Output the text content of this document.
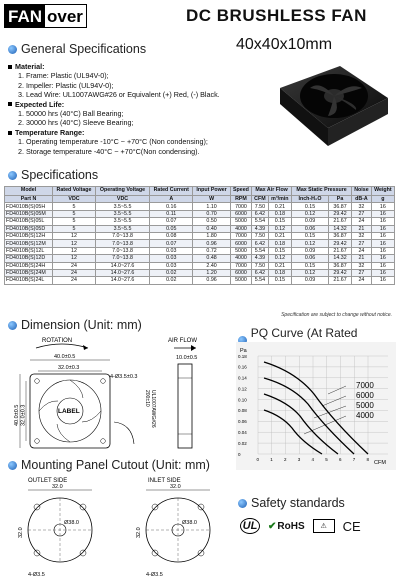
FAN over	DC BRUSHLESS FAN
40x40x10mm
General Specifications
Material:
1. Frame: Plastic (UL94V-0);
2. Impeller: Plastic (UL94V-0);
3. Lead Wire: UL1007AWG#26 or Equivalent (+) Red, (-) Black.
Expected Life:
1. 50000 hrs (40°C) Ball Bearing;
2. 30000 hrs (40°C) Sleeve Bearing;
Temperature Range:
1. Operating temperature -10°C ~ +70°C (Non condensing);
2. Storage temperature -40°C ~ +70°C(Non condensing).
Specifications
Model	Rated Voltage	Operating Voltage	Rated Current	Input Power	Speed	Max Air Flow		Max Static Pressure		Noise	Weight
Part N	VDC	VDC	A	W	RPM	CFM	m³/min	Inch-H₂O	Pa	dB-A	g
FD4010B(S)05H	5	3.5~5.5	0.16	1.10	7000	7.50	0.21	0.15	36.87	32	16
FD4010B(S)05M	5	3.5~5.5	0.11	0.70	6000	6.42	0.18	0.12	29.42	27	16
FD4010B(S)05L	5	3.5~5.5	0.07	0.50	5000	5.54	0.15	0.09	21.67	24	16
FD4010B(S)05D	5	3.5~5.5	0.05	0.40	4000	4.39	0.12	0.06	14.32	21	16
FD4010B(S)12H	12	7.0~13.8	0.08	1.80	7000	7.50	0.21	0.15	36.87	32	16
FD4010B(S)12M	12	7.0~13.8	0.07	0.96	6000	6.42	0.18	0.12	29.42	27	16
FD4010B(S)12L	12	7.0~13.8	0.03	0.72	5000	5.54	0.15	0.09	21.67	24	16
FD4010B(S)12D	12	7.0~13.8	0.03	0.48	4000	4.39	0.12	0.06	14.32	21	16
FD4010B(S)24H	24	14.0~27.6	0.03	2.40	7000	7.50	0.21	0.15	36.87	32	16
FD4010B(S)24M	24	14.0~27.6	0.02	1.20	6000	6.42	0.18	0.12	29.42	27	16
FD4010B(S)24L	24	14.0~27.6	0.02	0.96	5000	5.54	0.15	0.09	21.67	24	16
Specification are subject to change without notice.
Dimension (Unit: mm)
ROTATION
40.0±0.5
32.0±0.3
LABEL
4-Ø3.5±0.3
40.0±0.5 32.0±0.3
AIR FLOW
10.0±0.5
UL1007AWG#26
200±10
PQ Curve (At Rated
0.18
0.16
0.14
0.12
0.10
0.08
0.06
0.04
0.02
0
0 1 2 3 4 5 6 7 8
Pa
CFM
7000
6000
5000
4000
Mounting Panel Cutout (Unit: mm)
OUTLET SIDE	INLET SIDE
32.0	32.0
Ø38.0
32.0
4-Ø3.5
Ø38.0
32.0
4-Ø3.5
Safety standards
UL ✔ RoHS	⚠	CE
